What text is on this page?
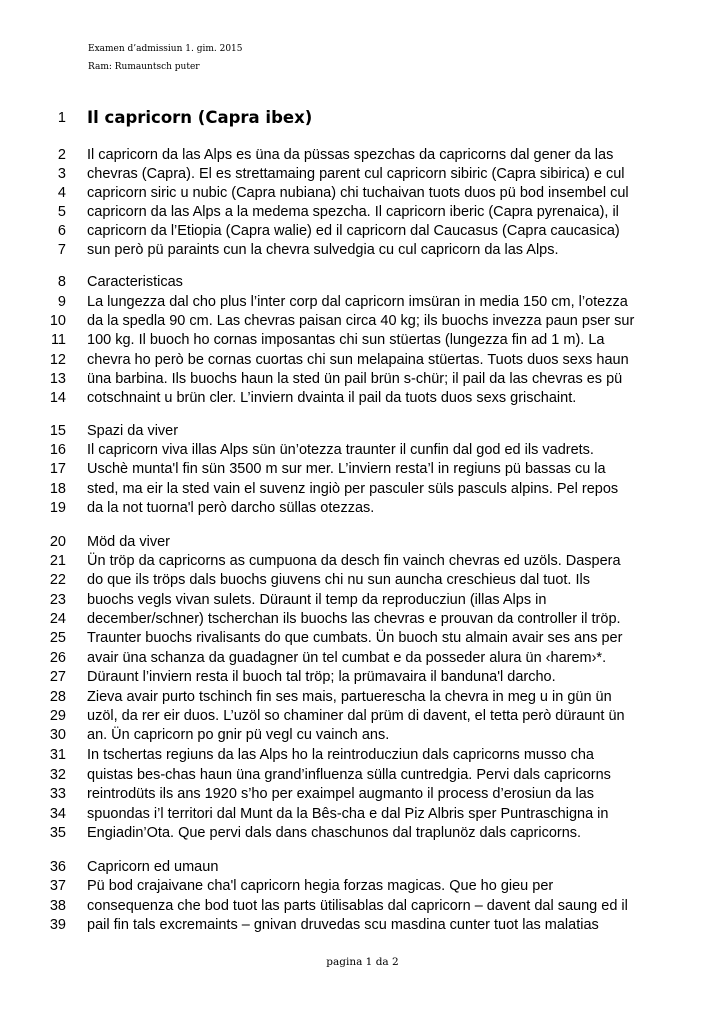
Examen d’admissiun 1. gim. 2015
Ram: Rumauntsch puter
1 Il capricorn (Capra ibex)
2 Il capricorn da las Alps es üna da püssas spezchas da capricorns dal gener da las
3 chevras (Capra). El es strettamaing parent cul capricorn sibiric (Capra sibirica) e cul
4 capricorn siric u nubic (Capra nubiana) chi tuchaivan tuots duos pü bod insembel cul
5 capricorn da las Alps a la medema spezcha. Il capricorn iberic (Capra pyrenaica), il
6 capricorn da l’Etiopia (Capra walie) ed il capricorn dal Caucasus (Capra caucasica)
7 sun però pü paraints cun la chevra sulvedgia cu cul capricorn da las Alps.
8 Caracteristicas
9 La lungezza dal cho plus l’inter corp dal capricorn imsüran in media 150 cm, l’otezza
10 da la spedla 90 cm. Las chevras paisan circa 40 kg; ils buochs invezza paun pser sur
11 100 kg. Il buoch ho cornas imposantas chi sun stüertas (lungezza fin ad 1 m). La
12 chevra ho però be cornas cuortas chi sun melapaina stüertas. Tuots duos sexs haun
13 üna barbina. Ils buochs haun la sted ün pail brün s-chür; il pail da las chevras es pü
14 cotschnaint u brün cler. L’inviern dvainta il pail da tuots duos sexs grischaint.
15 Spazi da viver
16 Il capricorn viva illas Alps sün ün’otezza traunter il cunfin dal god ed ils vadrets.
17 Uschè munta'l fin sün 3500 m sur mer. L’inviern resta’l in regiuns pü bassas cu la
18 sted, ma eir la sted vain el suvenz ingiò per pasculer süls pasculs alpins. Pel repos
19 da la not tuorna'l però darcho süllas otezzas.
20 Möd da viver
21 Ün tröp da capricorns as cumpuona da desch fin vainch chevras ed uzöls. Daspera
22 do que ils tröps dals buochs giuvens chi nu sun auncha creschieus dal tuot. Ils
23 buochs vegls vivan sulets. Düraunt il temp da reproducziun (illas Alps in
24 december/schner) tscherchan ils buochs las chevras e prouvan da controller il tröp.
25 Traunter buochs rivalisants do que cumbats. Ün buoch stu almain avair ses ans per
26 avair üna schanza da guadagner ün tel cumbat e da posseder alura ün ‹harem›*.
27 Düraunt l’inviern resta il buoch tal tröp; la prümavaira il banduna'l darcho.
28 Zieva avair purto tschinch fin ses mais, partuerescha la chevra in meg u in gün ün
29 uzöl, da rer eir duos. L’uzöl so chaminer dal prüm di davent, el tetta però düraunt ün
30 an. Ün capricorn po gnir pü vegl cu vainch ans.
31 In tschertas regiuns da las Alps ho la reintroducziun dals capricorns musso cha
32 quistas bes-chas haun üna grand’influenza sülla cuntredgia. Pervi dals capricorns
33 reintrodüts ils ans 1920 s’ho per exaimpel augmanto il process d’erosiun da las
34 spuondas i’l territori dal Munt da la Bês-cha e dal Piz Albris sper Puntraschigna in
35 Engiadin’Ota. Que pervi dals dans chaschunos dal traplunöz dals capricorns.
36 Capricorn ed umaun
37 Pü bod crajaivane cha'l capricorn hegia forzas magicas. Que ho gieu per
38 consequenza che bod tuot las parts ütilisablas dal capricorn – davent dal saung ed il
39 pail fin tals excremaints – gnivan druvedas scu masdina cunter tuot las malatias
pagina 1 da 2
